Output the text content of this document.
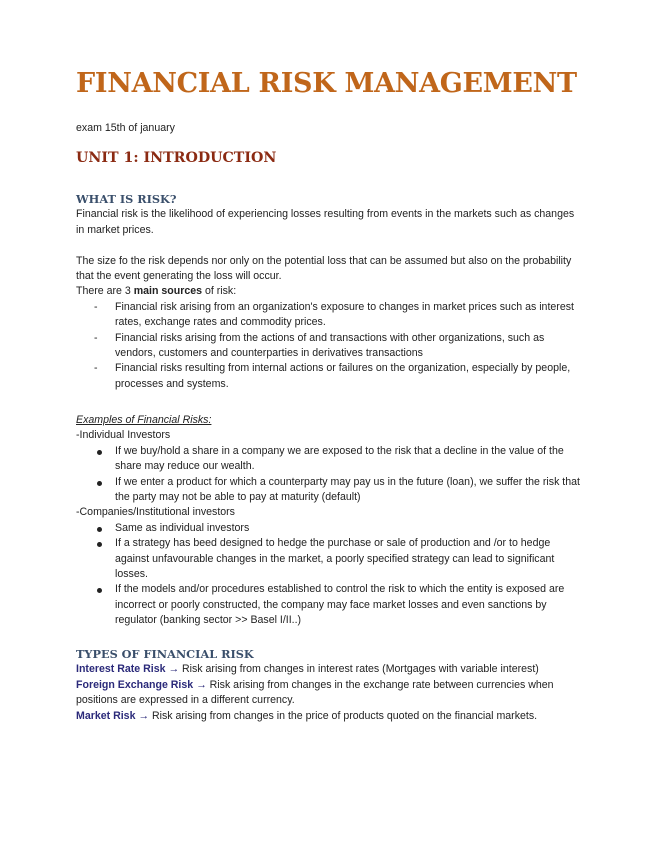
FINANCIAL RISK MANAGEMENT

exam 15th of january

UNIT 1: INTRODUCTION
WHAT IS RISK?

Financial risk is the likelihood of experiencing losses resulting from events in the markets such as changes in market prices.

The size fo the risk depends nor only on the potential loss that can be assumed but also on the probability that the event generating the loss will occur.

There are 3 main sources of risk:

- Financial risk arising from an organization's exposure to changes in market prices such as interest rates, exchange rates and commodity prices.
- Financial risks arising from the actions of and transactions with other organizations, such as vendors, customers and counterparties in derivatives transactions
- Financial risks resulting from internal actions or failures on the organization, especially by people, processes and systems.

Examples of Financial Risks:

-Individual Investors

If we buy/hold a share in a company we are exposed to the risk that a decline in the value of the share may reduce our wealth.
If we enter a product for which a counterparty may pay us in the future (loan), we suffer the risk that the party may not be able to pay at maturity (default)

-Companies/Institutional investors

Same as individual investors
If a strategy has beed designed to hedge the purchase or sale of production and /or to hedge against unfavourable changes in the market, a poorly specified strategy can lead to significant losses.
If the models and/or procedures established to control the risk to which the entity is exposed are incorrect or poorly constructed, the company may face market losses and even sanctions by regulator (banking sector >> Basel I/II..)
TYPES OF FINANCIAL RISK

Interest Rate Risk → Risk arising from changes in interest rates (Mortgages with variable interest)

Foreign Exchange Risk → Risk arising from changes in the exchange rate between currencies when positions are expressed in a different currency.

Market Risk → Risk arising from changes in the price of products quoted on the financial markets.
